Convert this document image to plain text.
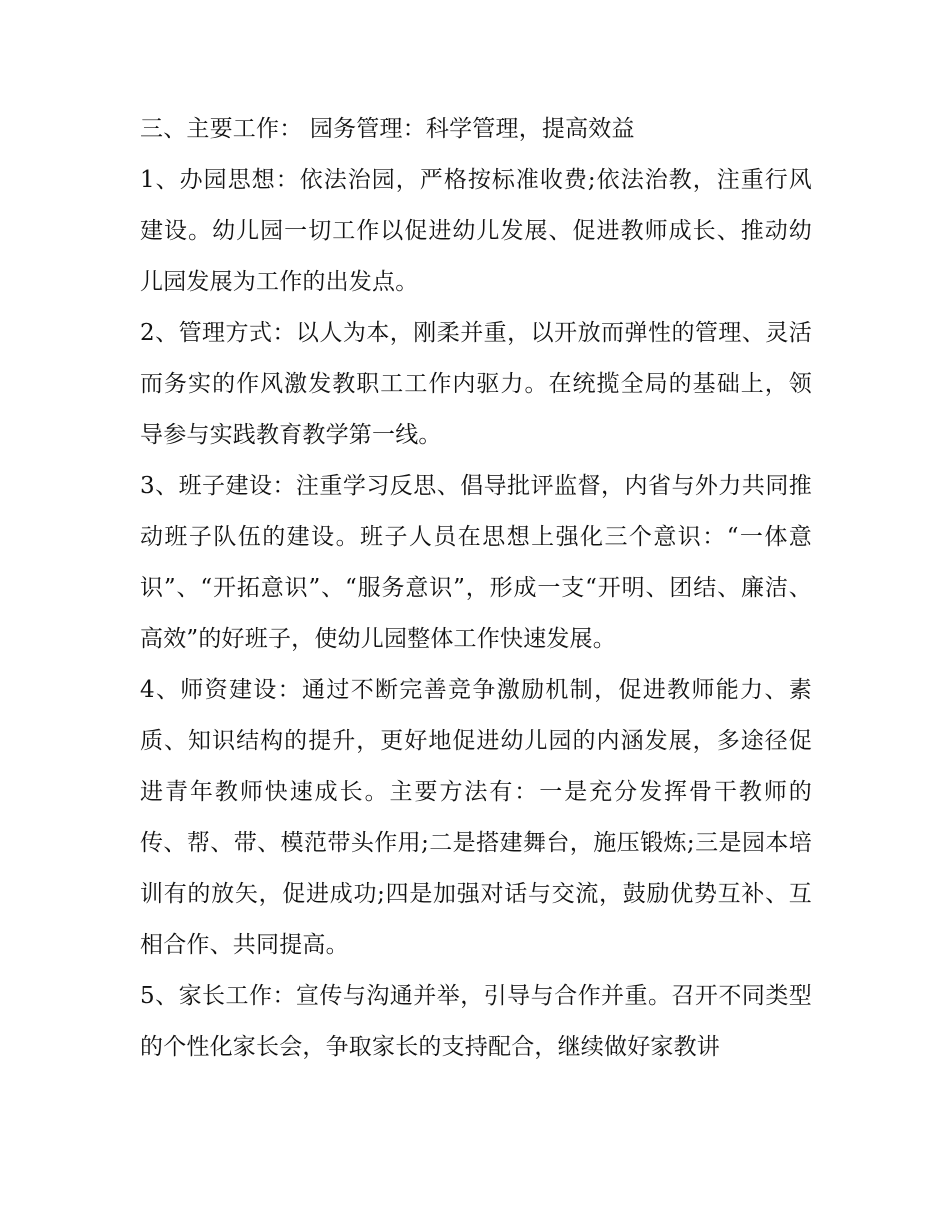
三、主要工作： 园务管理：科学管理，提高效益

1、办园思想：依法治园，严格按标准收费;依法治教，注重行风建设。幼儿园一切工作以促进幼儿发展、促进教师成长、推动幼儿园发展为工作的出发点。

2、管理方式：以人为本，刚柔并重，以开放而弹性的管理、灵活而务实的作风激发教职工工作内驱力。在统揽全局的基础上，领导参与实践教育教学第一线。

3、班子建设：注重学习反思、倡导批评监督，内省与外力共同推动班子队伍的建设。班子人员在思想上强化三个意识：“一体意识”、“开拓意识”、“服务意识”，形成一支“开明、团结、廉洁、高效”的好班子，使幼儿园整体工作快速发展。

4、师资建设：通过不断完善竞争激励机制，促进教师能力、素质、知识结构的提升，更好地促进幼儿园的内涵发展，多途径促进青年教师快速成长。主要方法有：一是充分发挥骨干教师的传、帮、带、模范带头作用;二是搭建舞台，施压锻炼;三是园本培训有的放矢，促进成功;四是加强对话与交流，鼓励优势互补、互相合作、共同提高。

5、家长工作：宣传与沟通并举，引导与合作并重。召开不同类型的个性化家长会，争取家长的支持配合，继续做好家教讲
